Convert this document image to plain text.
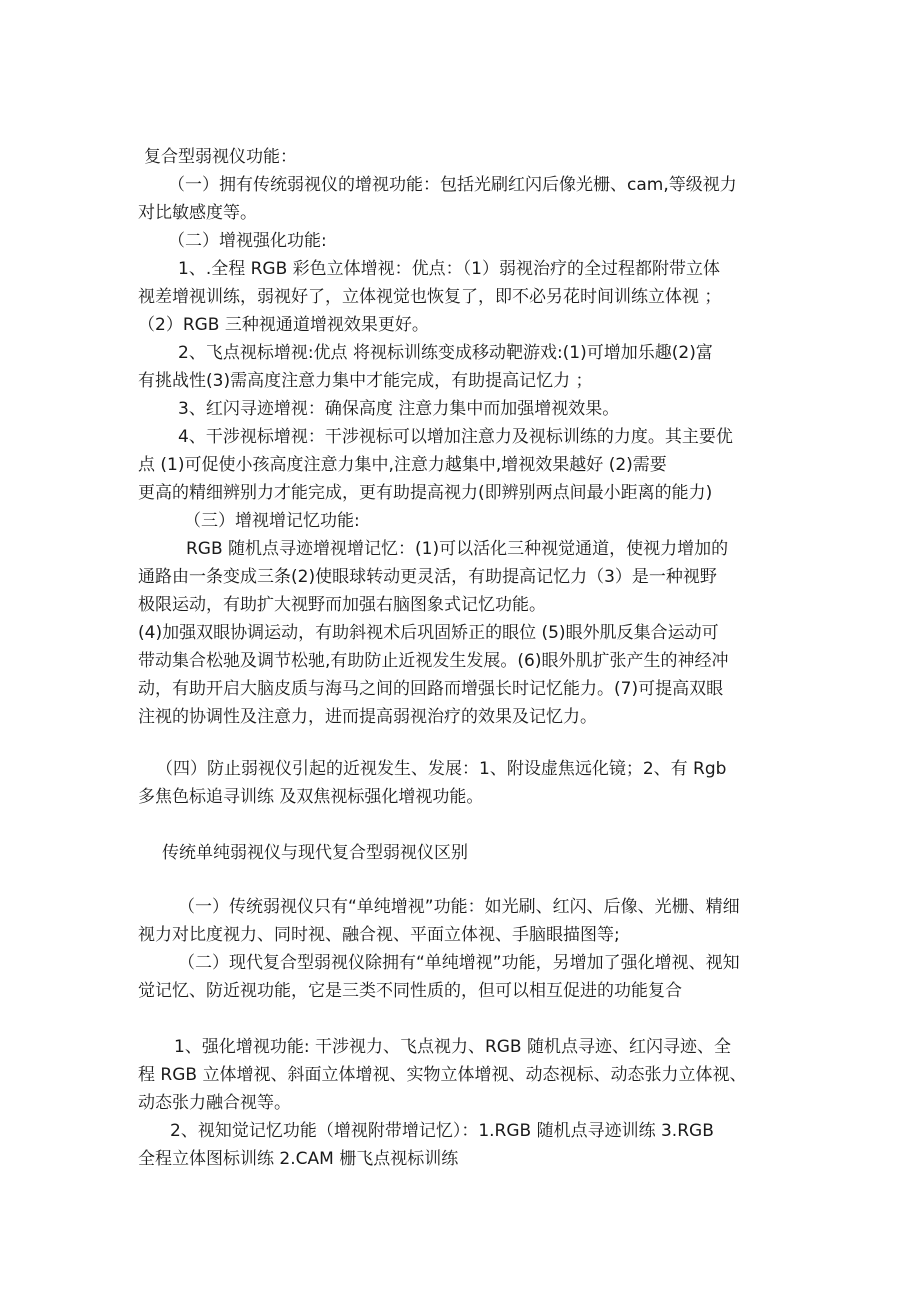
复合型弱视仪功能：
（一）拥有传统弱视仪的增视功能：包括光刷红闪后像光栅、cam,等级视力
对比敏感度等。
（二）增视强化功能:
1、.全程 RGB 彩色立体增视：优点：（1）弱视治疗的全过程都附带立体
视差增视训练，弱视好了，立体视觉也恢复了，即不必另花时间训练立体视 ；
（2）RGB 三种视通道增视效果更好。
2、飞点视标增视:优点 将视标训练变成移动靶游戏:(1)可增加乐趣(2)富
有挑战性(3)需高度注意力集中才能完成，有助提高记忆力 ；
3、红闪寻迹增视：确保高度 注意力集中而加强增视效果。
4、干涉视标增视：干涉视标可以增加注意力及视标训练的力度。其主要优
点 (1)可促使小孩高度注意力集中,注意力越集中,增视效果越好 (2)需要
更高的精细辨别力才能完成，更有助提高视力(即辨别两点间最小距离的能力)
（三）增视增记忆功能:
RGB 随机点寻迹增视增记忆：(1)可以活化三种视觉通道，使视力增加的
通路由一条变成三条(2)使眼球转动更灵活，有助提高记忆力（3）是一种视野
极限运动，有助扩大视野而加强右脑图象式记忆功能。
(4)加强双眼协调运动，有助斜视术后巩固矫正的眼位 (5)眼外肌反集合运动可
带动集合松驰及调节松驰,有助防止近视发生发展。(6)眼外肌扩张产生的神经冲
动，有助开启大脑皮质与海马之间的回路而增强长时记忆能力。(7)可提高双眼
注视的协调性及注意力，进而提高弱视治疗的效果及记忆力。
（四）防止弱视仪引起的近视发生、发展：1、附设虚焦远化镜；2、有 Rgb
多焦色标追寻训练 及双焦视标强化增视功能。
传统单纯弱视仪与现代复合型弱视仪区别
（一）传统弱视仪只有“单纯增视”功能：如光刷、红闪、后像、光栅、精细
视力对比度视力、同时视、融合视、平面立体视、手脑眼描图等;
（二）现代复合型弱视仪除拥有“单纯增视”功能，另增加了强化增视、视知
觉记忆、防近视功能，它是三类不同性质的，但可以相互促进的功能复合
1、强化增视功能: 干涉视力、飞点视力、RGB 随机点寻迹、红闪寻迹、全
程 RGB 立体增视、斜面立体增视、实物立体增视、动态视标、动态张力立体视、
动态张力融合视等。
2、视知觉记忆功能（增视附带增记忆）：1.RGB 随机点寻迹训练 3.RGB
全程立体图标训练 2.CAM 栅飞点视标训练
